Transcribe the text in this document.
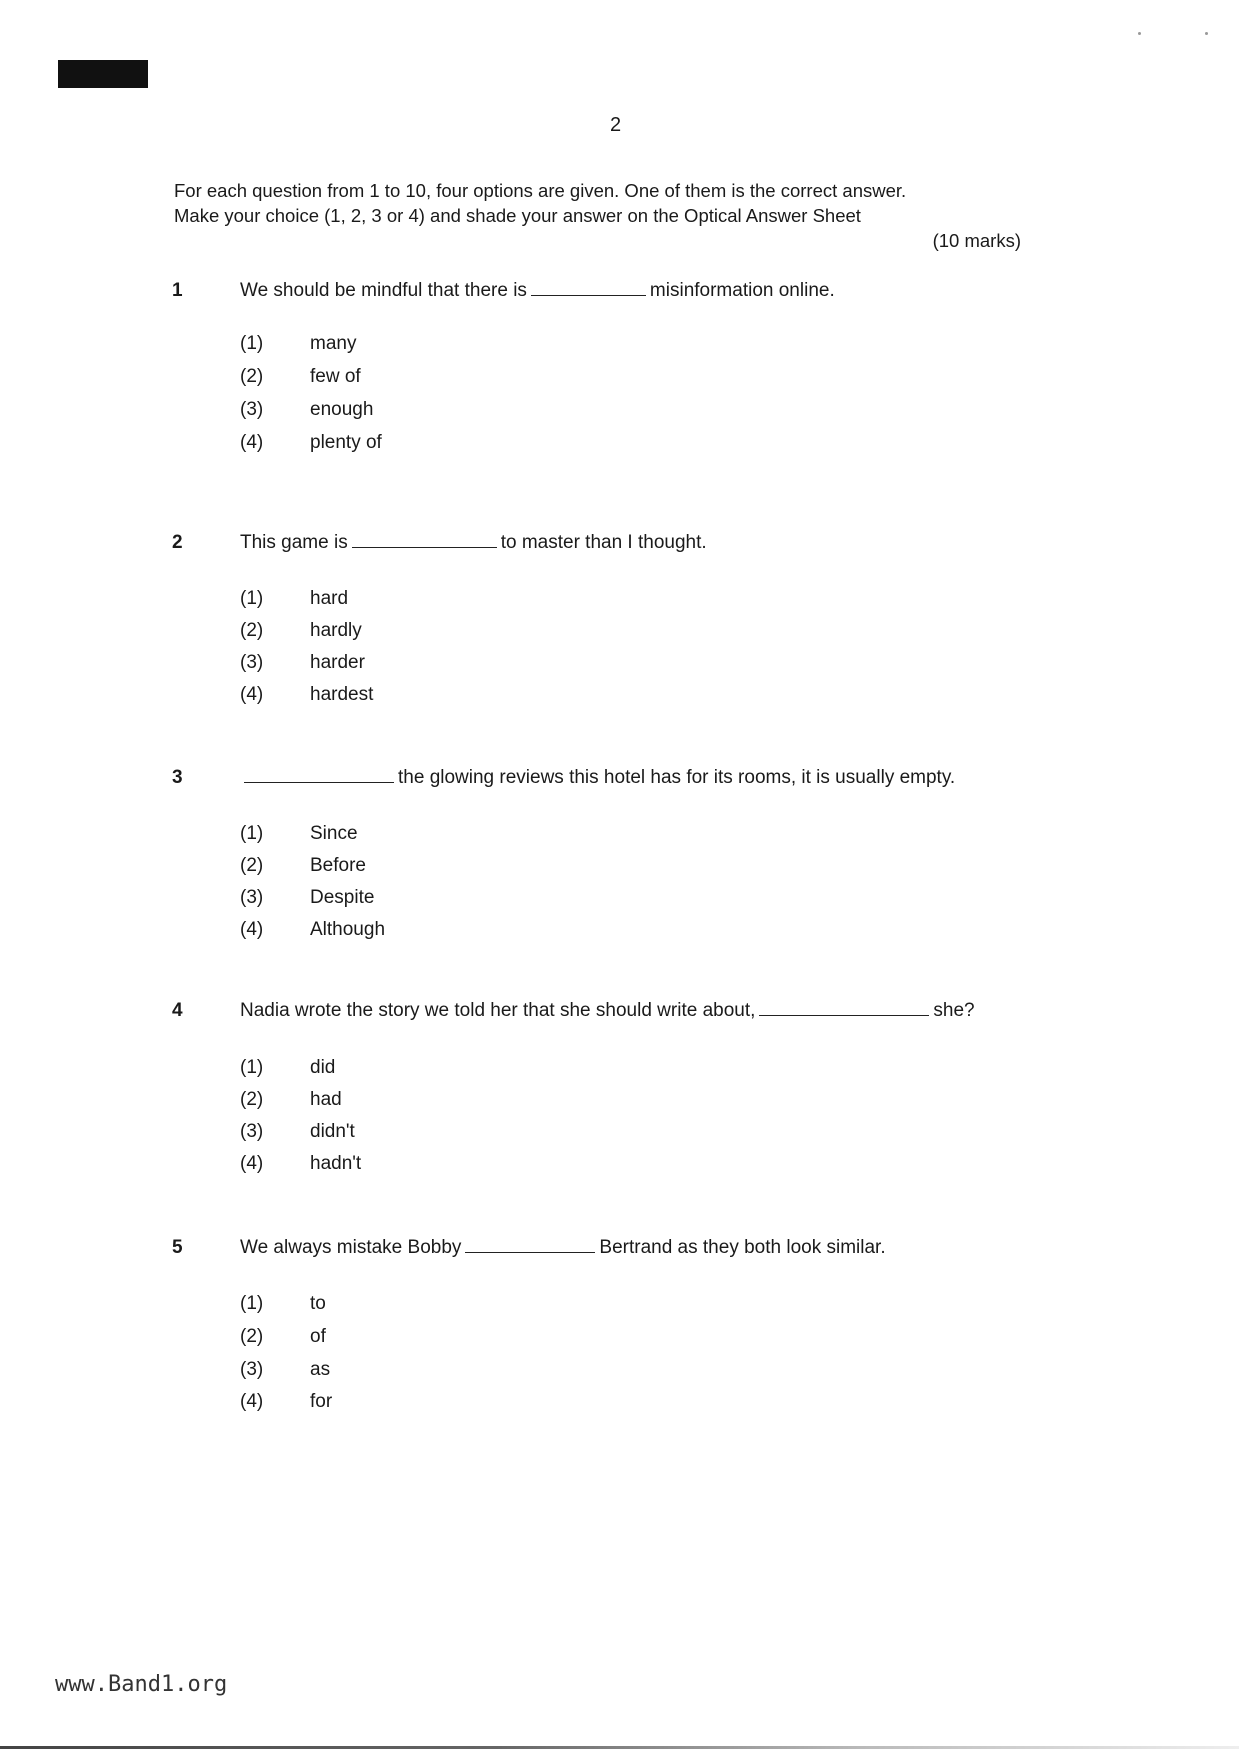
2
For each question from 1 to 10, four options are given. One of them is the correct answer.
Make your choice (1, 2, 3 or 4) and shade your answer on the Optical Answer Sheet
(10 marks)
1	We should be mindful that there is	misinformation online.
(1) many
(2) few of
(3) enough
(4) plenty of
2	This game is	to master than I thought.
(1) hard
(2) hardly
(3) harder
(4) hardest
3	the glowing reviews this hotel has for its rooms, it is usually empty.
(1) Since
(2) Before
(3) Despite
(4) Although
4	Nadia wrote the story we told her that she should write about,	she?
(1) did
(2) had
(3) didn't
(4) hadn't
5	We always mistake Bobby	Bertrand as they both look similar.
(1) to
(2) of
(3) as
(4) for
www.Band1.org
